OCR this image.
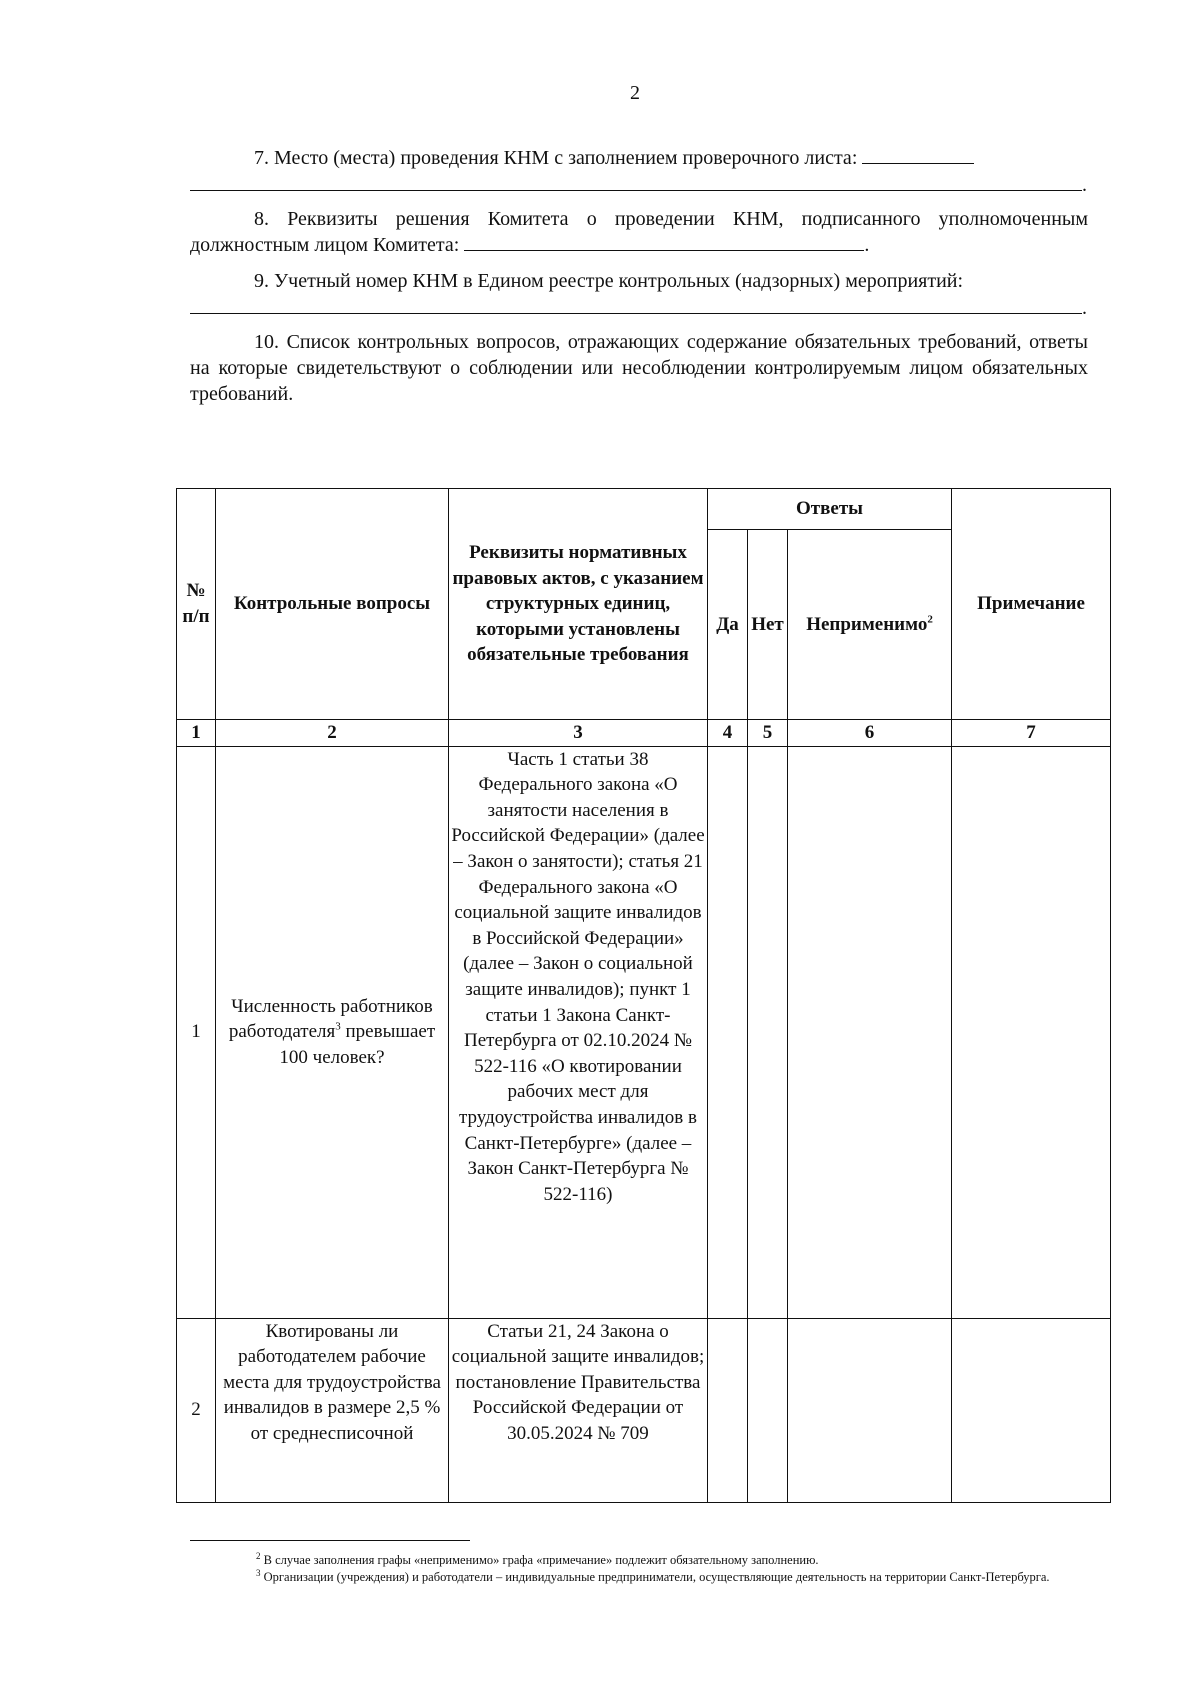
2
7. Место (места) проведения КНМ с заполнением проверочного листа:
.
8. Реквизиты решения Комитета о проведении КНМ, подписанного уполномоченным должностным лицом Комитета:	.
9. Учетный номер КНМ в Едином реестре контрольных (надзорных) мероприятий:
.
10. Список контрольных вопросов, отражающих содержание обязательных требований, ответы на которые свидетельствуют о соблюдении или несоблюдении контролируемым лицом обязательных требований.
№ п/п	Контрольные вопросы	Реквизиты нормативных правовых актов, с указанием структурных единиц, которыми установлены обязательные требования	Ответы			Примечание
			Да	Нет	Неприменимо$^2$
1	2	3	4	5	6	7
1	Численность работников работодателя$^3$ превышает 100 человек?	Часть 1 статьи 38 Федерального закона «О занятости населения в Российской Федерации» (далее – Закон о занятости); статья 21 Федерального закона «О социальной защите инвалидов в Российской Федерации» (далее – Закон о социальной защите инвалидов); пункт 1 статьи 1 Закона Санкт-Петербурга от 02.10.2024 № 522-116 «О квотировании рабочих мест для трудоустройства инвалидов в Санкт-Петербурге» (далее – Закон Санкт-Петербурга № 522-116)				
2	Квотированы ли работодателем рабочие места для трудоустройства инвалидов в размере 2,5 % от среднесписочной	Статьи 21, 24 Закона о социальной защите инвалидов; постановление Правительства Российской Федерации от 30.05.2024 № 709				

$^2$ В случае заполнения графы «неприменимо» графа «примечание» подлежит обязательному заполнению.

$^3$ Организации (учреждения) и работодатели – индивидуальные предприниматели, осуществляющие деятельность на территории Санкт-Петербурга.
